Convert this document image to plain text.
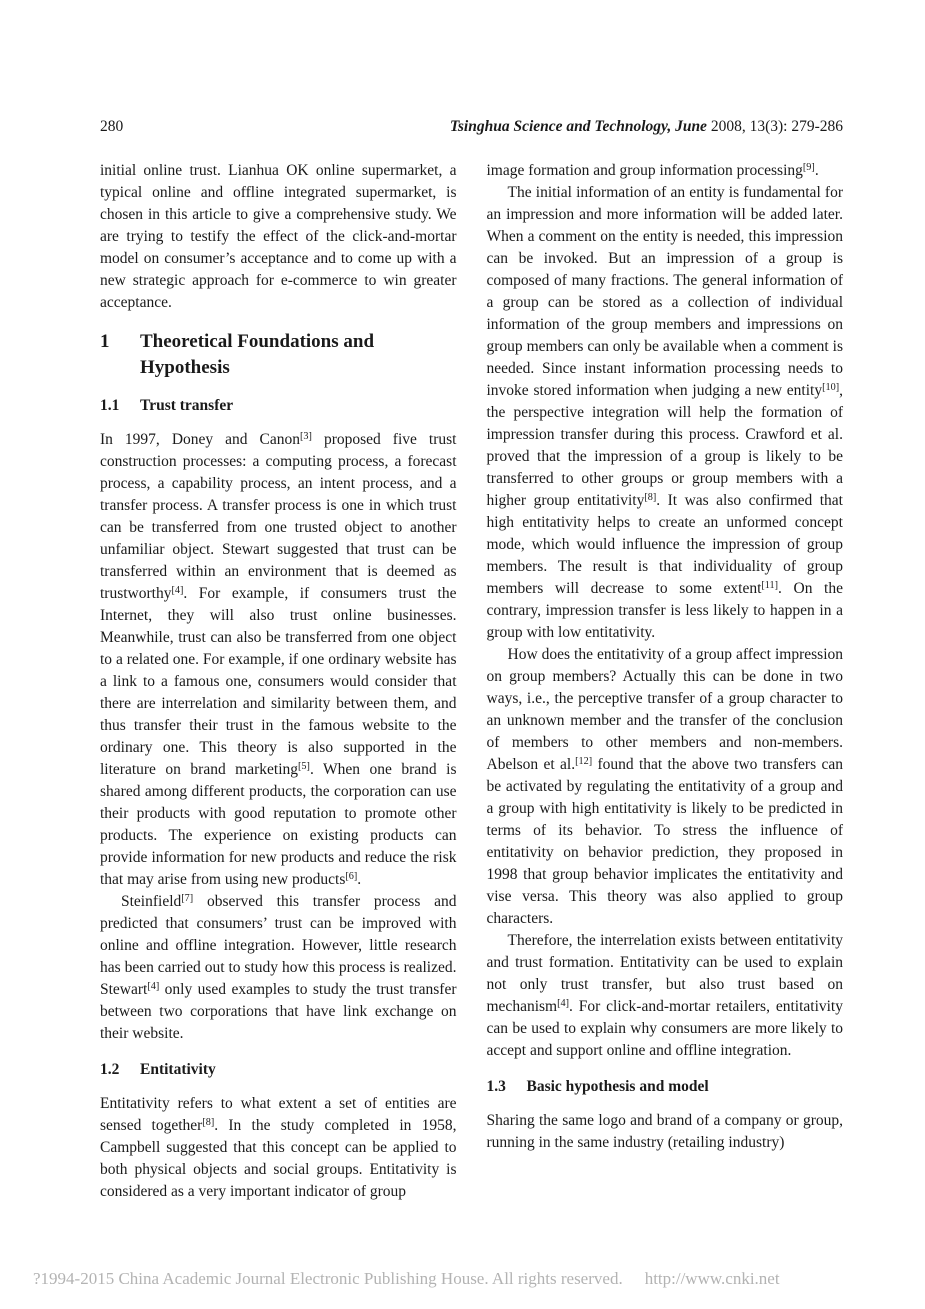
280	Tsinghua Science and Technology, June 2008, 13(3): 279-286

initial online trust. Lianhua OK online supermarket, a typical online and offline integrated supermarket, is chosen in this article to give a comprehensive study. We are trying to testify the effect of the click-and-mortar model on consumer’s acceptance and to come up with a new strategic approach for e-commerce to win greater acceptance.

1	Theoretical Foundations and Hypothesis
1.1 Trust transfer

In 1997, Doney and Canon[3] proposed five trust construction processes: a computing process, a forecast process, a capability process, an intent process, and a transfer process. A transfer process is one in which trust can be transferred from one trusted object to another unfamiliar object. Stewart suggested that trust can be transferred within an environment that is deemed as trustworthy[4]. For example, if consumers trust the Internet, they will also trust online businesses. Meanwhile, trust can also be transferred from one object to a related one. For example, if one ordinary website has a link to a famous one, consumers would consider that there are interrelation and similarity between them, and thus transfer their trust in the famous website to the ordinary one. This theory is also supported in the literature on brand marketing[5]. When one brand is shared among different products, the corporation can use their products with good reputation to promote other products. The experience on existing products can provide information for new products and reduce the risk that may arise from using new products[6].

Steinfield[7] observed this transfer process and predicted that consumers’ trust can be improved with online and offline integration. However, little research has been carried out to study how this process is realized. Stewart[4] only used examples to study the trust transfer between two corporations that have link exchange on their website.

1.2 Entitativity

Entitativity refers to what extent a set of entities are sensed together[8]. In the study completed in 1958, Campbell suggested that this concept can be applied to both physical objects and social groups. Entitativity is considered as a very important indicator of group

image formation and group information processing[9].

The initial information of an entity is fundamental for an impression and more information will be added later. When a comment on the entity is needed, this impression can be invoked. But an impression of a group is composed of many fractions. The general information of a group can be stored as a collection of individual information of the group members and impressions on group members can only be available when a comment is needed. Since instant information processing needs to invoke stored information when judging a new entity[10], the perspective integration will help the formation of impression transfer during this process. Crawford et al. proved that the impression of a group is likely to be transferred to other groups or group members with a higher group entitativity[8]. It was also confirmed that high entitativity helps to create an unformed concept mode, which would influence the impression of group members. The result is that individuality of group members will decrease to some extent[11]. On the contrary, impression transfer is less likely to happen in a group with low entitativity.

How does the entitativity of a group affect impression on group members? Actually this can be done in two ways, i.e., the perceptive transfer of a group character to an unknown member and the transfer of the conclusion of members to other members and non-members. Abelson et al.[12] found that the above two transfers can be activated by regulating the entitativity of a group and a group with high entitativity is likely to be predicted in terms of its behavior. To stress the influence of entitativity on behavior prediction, they proposed in 1998 that group behavior implicates the entitativity and vise versa. This theory was also applied to group characters.

Therefore, the interrelation exists between entitativity and trust formation. Entitativity can be used to explain not only trust transfer, but also trust based on mechanism[4]. For click-and-mortar retailers, entitativity can be used to explain why consumers are more likely to accept and support online and offline integration.

1.3 Basic hypothesis and model

Sharing the same logo and brand of a company or group, running in the same industry (retailing industry)

?1994-2015 China Academic Journal Electronic Publishing House. All rights reserved. http://www.cnki.net
